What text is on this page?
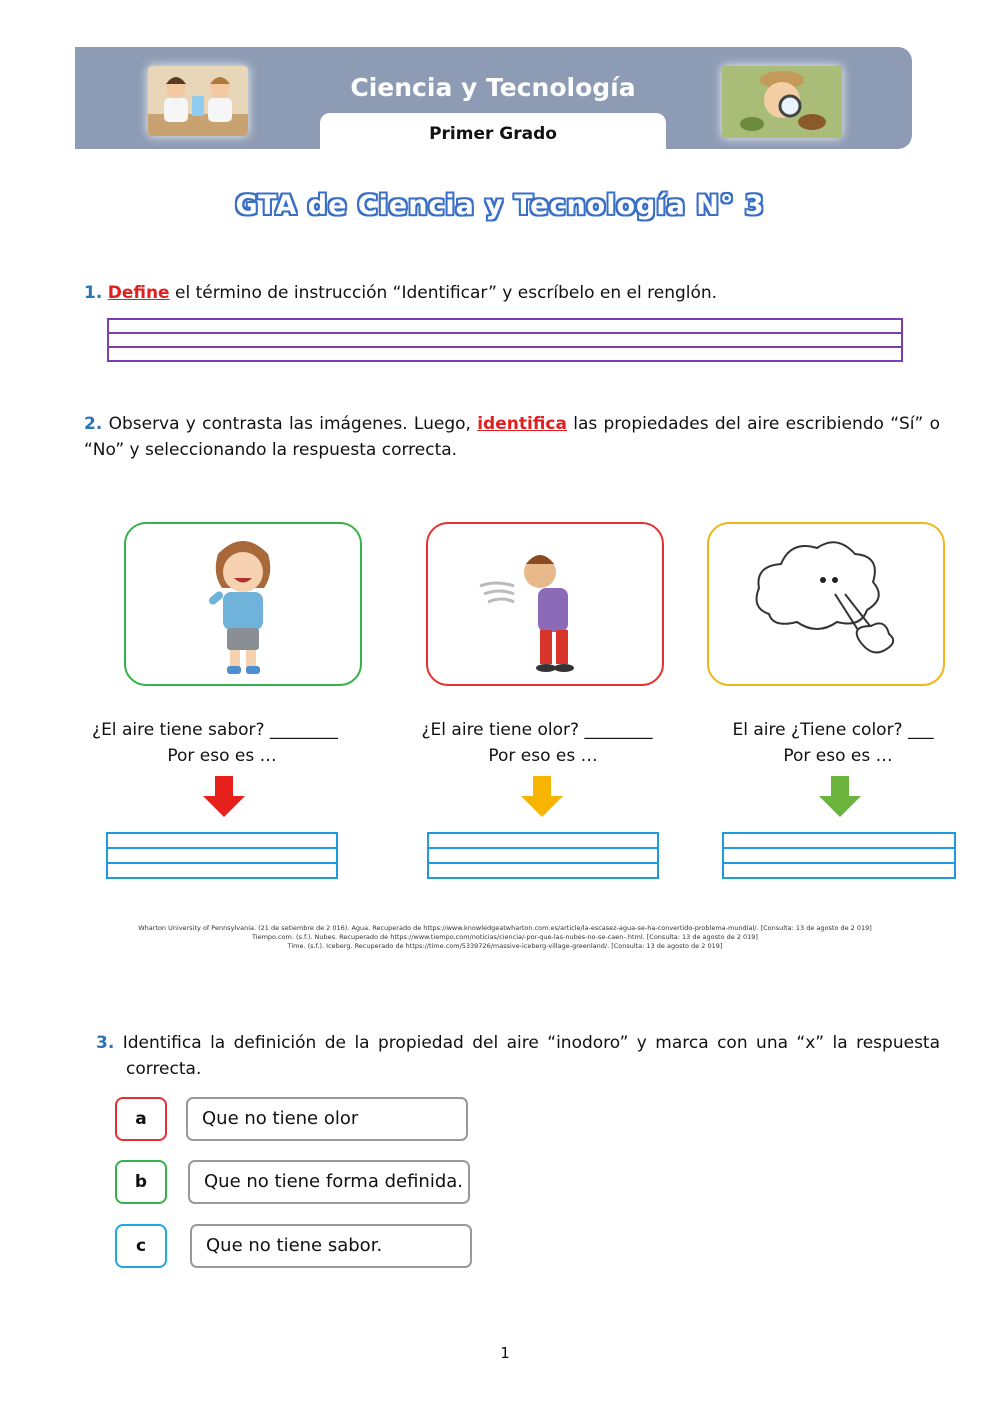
Ciencia y Tecnología
Primer Grado
GTA de Ciencia y Tecnología N° 3
1. Define el término de instrucción “Identificar” y escríbelo en el renglón.
2. Observa y contrasta las imágenes. Luego, identifica las propiedades del aire escribiendo “Sí” o “No” y seleccionando la respuesta correcta.
¿El aire tiene sabor? ________
Por eso es …
¿El aire tiene olor? ________
Por eso es …
El aire ¿Tiene color? ___
Por eso es …
Wharton University of Pennsylvania. (21 de setiembre de 2 016). Agua. Recuperado de https://www.knowledgeatwharton.com.es/article/la-escasez-agua-se-ha-convertido-problema-mundial/. [Consulta: 13 de agosto de 2 019]
Tiempo.com. (s.f.). Nubes. Recuperado de https://www.tiempo.com/noticias/ciencia/-por-que-las-nubes-no-se-caen-.html. [Consulta: 13 de agosto de 2 019]
Time. (s.f.). Iceberg. Recuperado de https://time.com/5339726/massive-iceberg-village-greenland/. [Consulta: 13 de agosto de 2 019]
3. Identifica la definición de la propiedad del aire “inodoro” y marca con una “x” la respuesta correcta.
a	Que no tiene olor
b	Que no tiene forma definida.
c	Que no tiene sabor.
1
